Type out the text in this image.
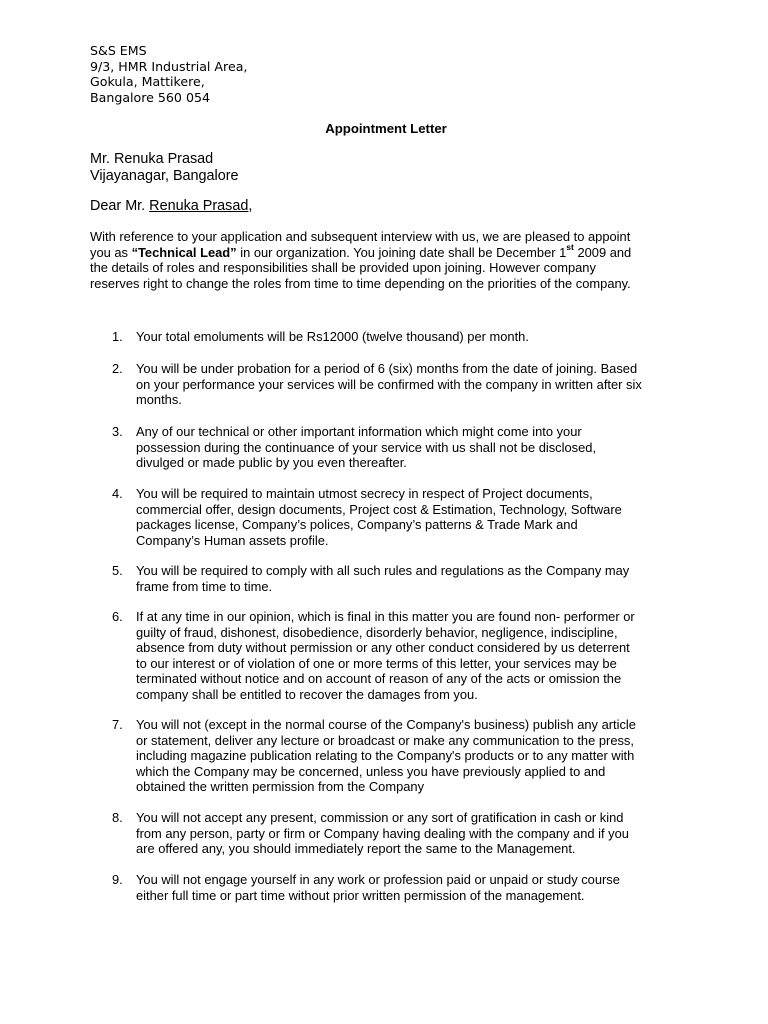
S&S EMS
9/3, HMR Industrial Area,
Gokula, Mattikere,
Bangalore 560 054
Appointment Letter
Mr. Renuka Prasad
Vijayanagar, Bangalore
Dear Mr. Renuka Prasad,
With reference to your application and subsequent interview with us, we are pleased to appoint
you as “Technical Lead” in our organization. You joining date shall be December 1st 2009 and
the details of roles and responsibilities shall be provided upon joining. However company
reserves right to change the roles from time to time depending on the priorities of the company.
1.	Your total emoluments will be Rs12000 (twelve thousand) per month.
2.	You will be under probation for a period of 6 (six) months from the date of joining. Based
on your performance your services will be confirmed with the company in written after six
months.
3.	Any of our technical or other important information which might come into your
possession during the continuance of your service with us shall not be disclosed,
divulged or made public by you even thereafter.
4.	You will be required to maintain utmost secrecy in respect of Project documents,
commercial offer, design documents, Project cost & Estimation, Technology, Software
packages license, Company’s polices, Company’s patterns & Trade Mark and
Company’s Human assets profile.
5.	You will be required to comply with all such rules and regulations as the Company may
frame from time to time.
6.	If at any time in our opinion, which is final in this matter you are found non- performer or
guilty of fraud, dishonest, disobedience, disorderly behavior, negligence, indiscipline,
absence from duty without permission or any other conduct considered by us deterrent
to our interest or of violation of one or more terms of this letter, your services may be
terminated without notice and on account of reason of any of the acts or omission the
company shall be entitled to recover the damages from you.
7.	You will not (except in the normal course of the Company's business) publish any article
or statement, deliver any lecture or broadcast or make any communication to the press,
including magazine publication relating to the Company's products or to any matter with
which the Company may be concerned, unless you have previously applied to and
obtained the written permission from the Company
8.	You will not accept any present, commission or any sort of gratification in cash or kind
from any person, party or firm or Company having dealing with the company and if you
are offered any, you should immediately report the same to the Management.
9.	You will not engage yourself in any work or profession paid or unpaid or study course
either full time or part time without prior written permission of the management.
